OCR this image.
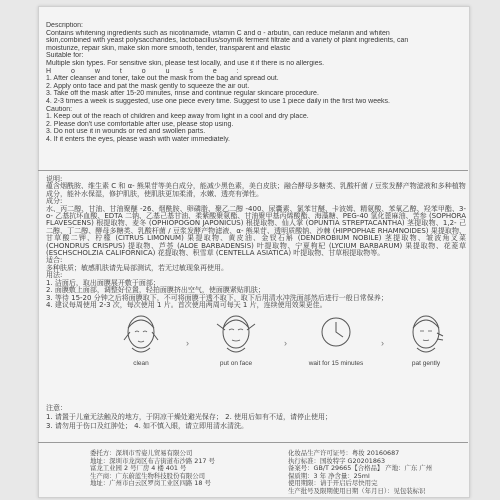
Description:
Contains whitening ingredients such as nicotinamide, vitamin C and α - arbutin, can reduce melanin and whiten
skin,combined with yeast polysaccharides, lactobacillus/soymilk ferment filtrate and a variety of plant ingredients, can
moisturize, repair skin, make skin more smooth, tender, transparent and elastic
Suitable for:
Multiple skin types. For sensitive skin, please test locally, and use it if there is no allergies.
H o w t o u s e :
1. After cleanser and toner, take out the mask from the bag and spread out.
2. Apply onto face and pat the mask gently to squeeze the air out.
3. Take off the mask after 15-20 minutes, rinse and continue regular skincare procedure.
4. 2-3 times a week is suggested, use one piece every time. Suggest to use 1 piece daily in the first two weeks.
Caution:
1. Keep out of the reach of children and keep away from light in a cool and dry place.
2. Please don't use comfortable after use, please stop using.
3. Do not use it in wounds or red and swollen parts.
4. If it enters the eyes, please wash with water immediately.
说明:
蕴含烟酰胺、维生素 C 和 α- 熊果苷等美白成分，能减少黑色素，美白皮肤；融合酵母多糖类、乳酸杆菌 / 豆浆发酵产物滤液和多种植物成分，能补水保湿，修护肌肤，使肌肤更加柔滑，水嫩、透亮有弹性。
成分:
水、丙二醇、甘油、甘油聚醚 -26、烟酰胺、卵磷脂、聚乙二醇 -400、尿囊素、氯苯甘醚、卡波姆、精氨酸、苯氧乙醇、羟苯甲酯、3-o- 乙基抗坏血酸、EDTA 二钠、乙基己基甘油、柔紫酸聚氨酯、甘油聚甲基丙烯酸酯、海藻糖、PEG-40 氢化蓖麻油、苦参 (SOPHORA FLAVESCENS) 根提取物、麦冬 (OPHIOPOGON JAPONICUS) 根提取物、仙人掌 (OPUNTIA STREPTACANTHA) 茎提取物、1,2- 己二醇、丁二醇、酵母多糖类、乳酸杆菌 / 豆浆发酵产物滤液、α- 熊果苷、透明质酸钠、沙棘 (HIPPOPHAE RHAMNOIDES) 果提取物、甘草酸二钾、柠檬 (CITRUS LIMONUM) 果提取物、黄皮油、金钗石斛 (DENDROBIUM NOBILE) 茎提取物、皱波角叉菜 (CHONDRUS CRISPUS) 提取物、芦荟 (ALOE BARBADENSIS) 叶提取物、宁夏枸杞 (LYCIUM BARBARUM) 果提取物、花菱草 (ESCHSCHOLZIA CALIFORNICA) 花提取物、积雪草 (CENTELLA ASIATICA) 叶提取物、甘草根提取物等。
适合:
多种肤质；敏感肌肤请先局部测试，若无过敏现象再使用。
用法:
1. 洁面后，取出面膜展开敷于面部；
2. 面膜敷上面部，调整好位置，轻拍面膜挤出空气，使面膜紧贴肌肤；
3. 等待 15-20 分钟之后将面膜取下，不可将面膜干透不取下，取下后用清水冲洗面部然后进行一般日常保养；
4. 建议每周使用 2-3 次，每次使用 1 片。首次使用两周可每天 1 片，连续使用效果更佳。
clean
›
put on face
›
wait for 15 minutes
›
pat gently
注意：
1. 请置于儿童无法触及的地方，于阴凉干燥处避光保存； 2. 使用后如有不适，请停止使用；
3. 请勿用于伤口及红肿处； 4. 如不慎入眼，请立即用清水清洗。
委托方：深圳市雪姿儿贸易有限公司
地址：深圳市龙岗区布吉街道布沙路 217 号
富龙工业园 2 号厂房 4 楼 401 号
生产商：广东蔚蓝生物科技股份有限公司
地址：广州市白云区罗岗工业区四路 18 号
化妆品生产许可证号：粤妆 20160687
执行标准：国妆特字 G20201863
备案号：GB/T 29665【合格品】 产地：广东 广州
保质期：3 年 净含量：25ml
使用期限：请于开启后尽快用完
生产批号及限期使用日期（年月日）：见包装标识
